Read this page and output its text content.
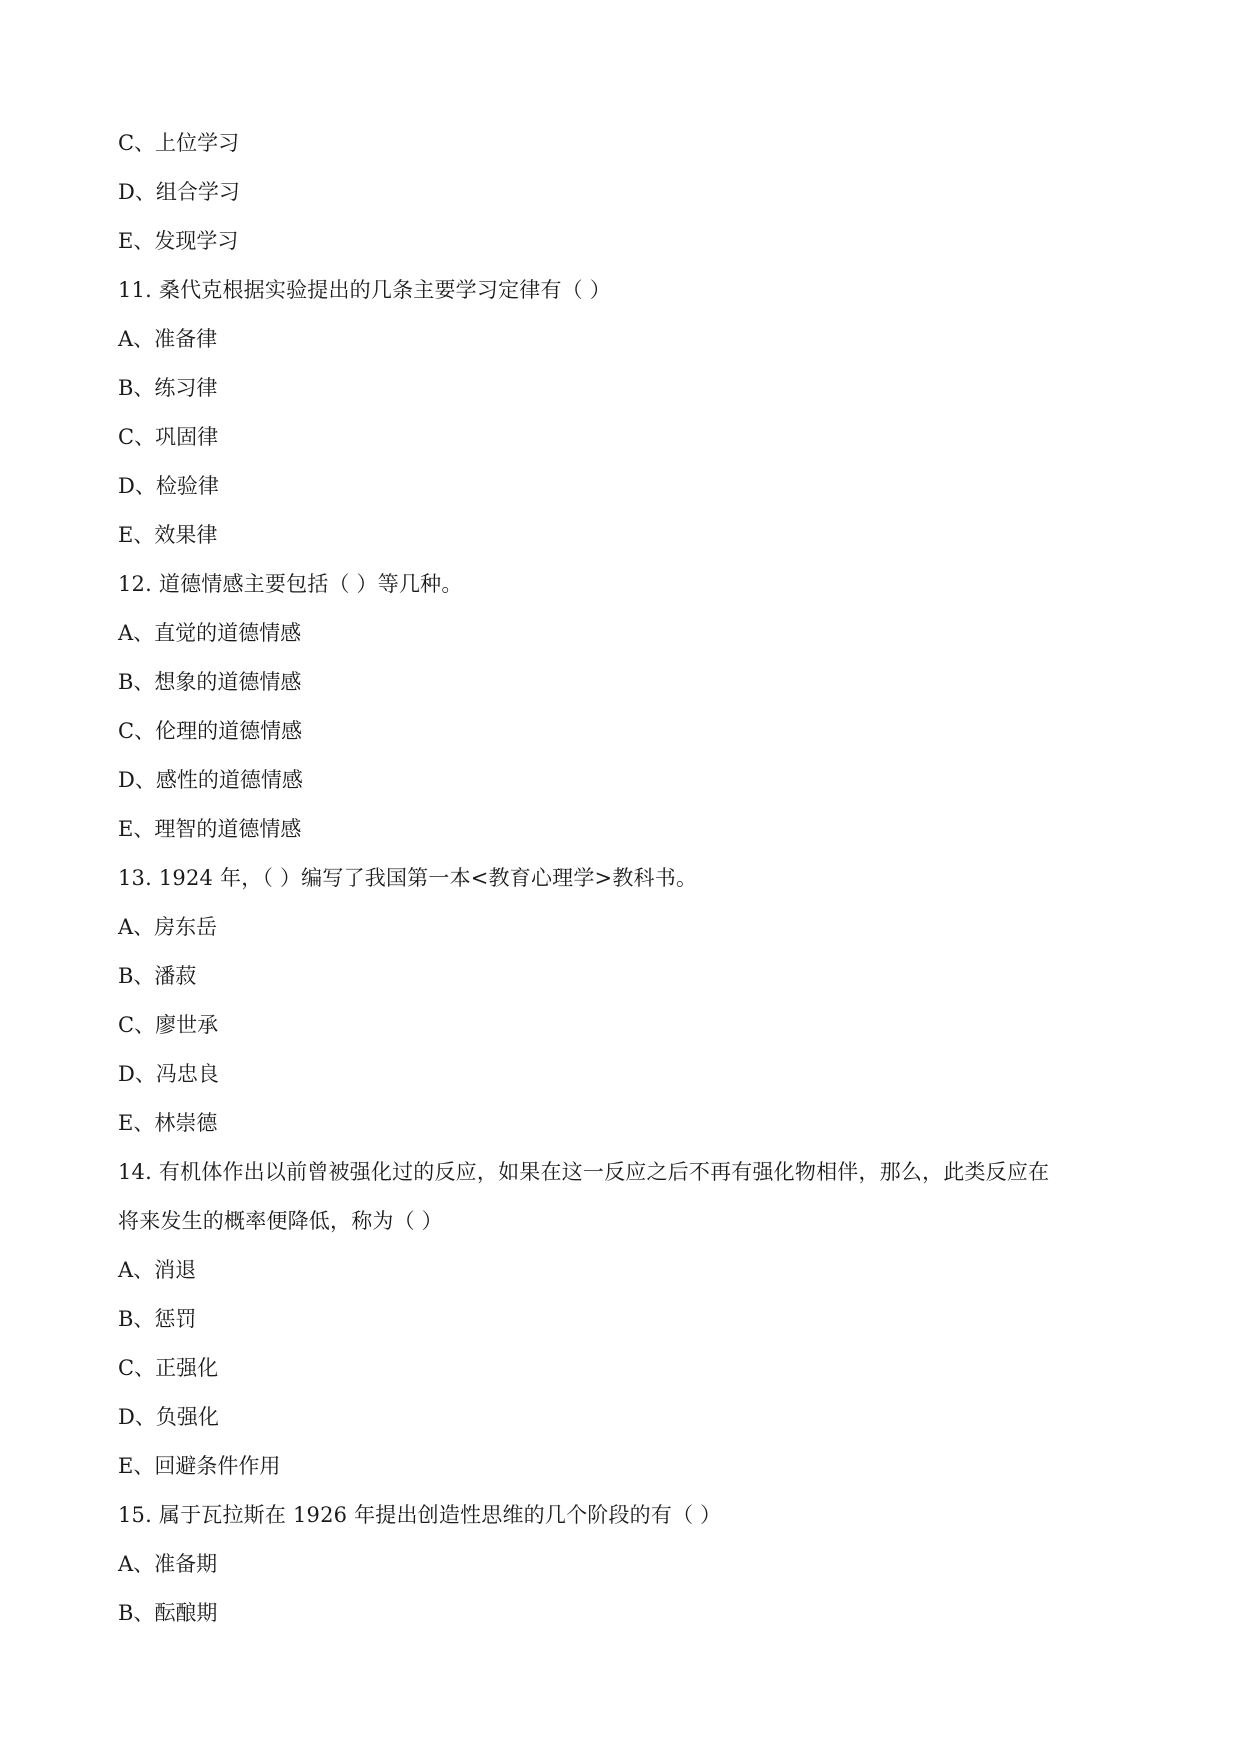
C、上位学习
D、组合学习
E、发现学习
11. 桑代克根据实验提出的几条主要学习定律有（ ）
A、准备律
B、练习律
C、巩固律
D、检验律
E、效果律
12. 道德情感主要包括（ ）等几种。
A、直觉的道德情感
B、想象的道德情感
C、伦理的道德情感
D、感性的道德情感
E、理智的道德情感
13. 1924 年，（ ）编写了我国第一本<教育心理学>教科书。
A、房东岳
B、潘菽
C、廖世承
D、冯忠良
E、林崇德
14. 有机体作出以前曾被强化过的反应，如果在这一反应之后不再有强化物相伴，那么，此类反应在
将来发生的概率便降低，称为（ ）
A、消退
B、惩罚
C、正强化
D、负强化
E、回避条件作用
15. 属于瓦拉斯在 1926 年提出创造性思维的几个阶段的有（ ）
A、准备期
B、酝酿期
